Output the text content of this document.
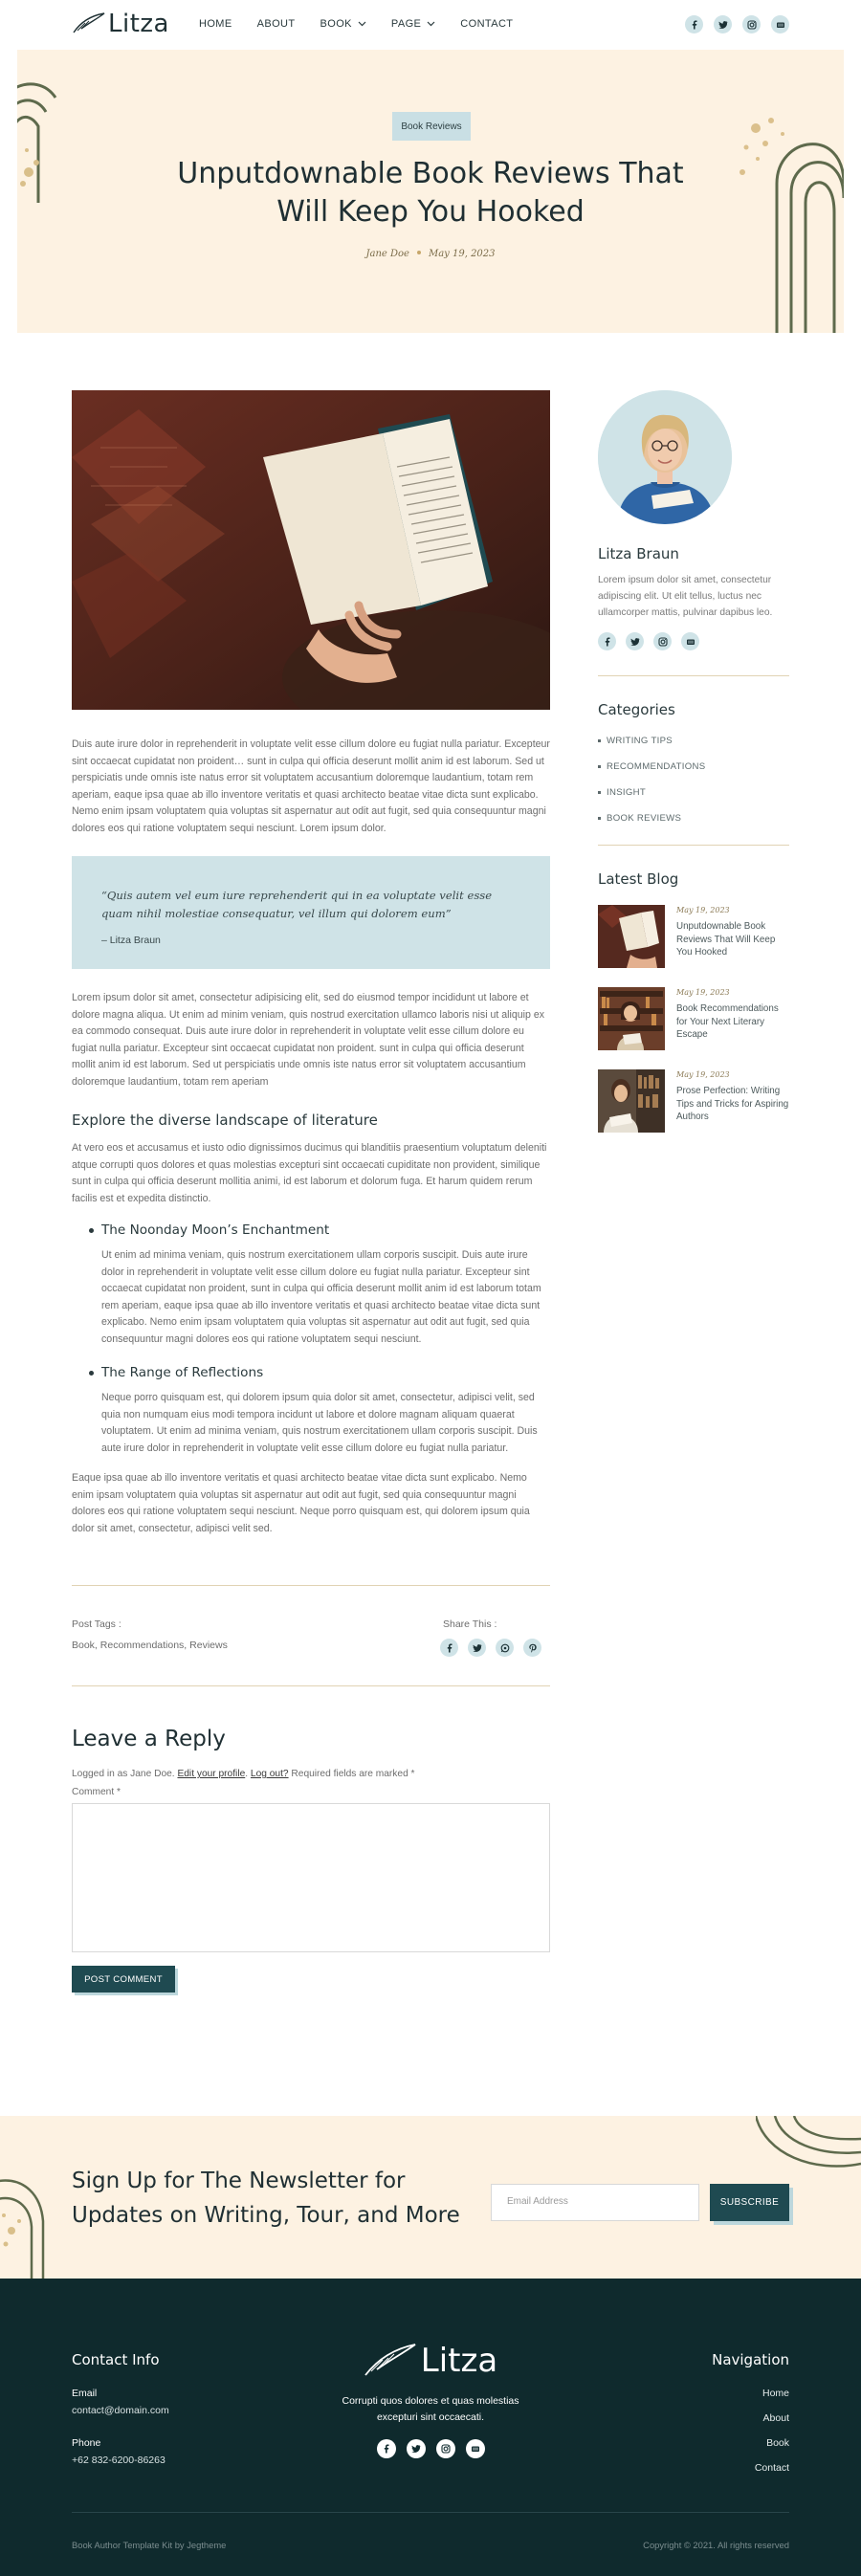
Litza	HOME ABOUT BOOK	PAGE	CONTACT
Book Reviews
Unputdownable Book Reviews That Will Keep You Hooked
Jane Doe May 19, 2023

Duis aute irure dolor in reprehenderit in voluptate velit esse cillum dolore eu fugiat nulla pariatur. Excepteur sint occaecat cupidatat non proident… sunt in culpa qui officia deserunt mollit anim id est laborum. Sed ut perspiciatis unde omnis iste natus error sit voluptatem accusantium doloremque laudantium, totam rem aperiam, eaque ipsa quae ab illo inventore veritatis et quasi architecto beatae vitae dicta sunt explicabo. Nemo enim ipsam voluptatem quia voluptas sit aspernatur aut odit aut fugit, sed quia consequuntur magni dolores eos qui ratione voluptatem sequi nesciunt. Lorem ipsum dolor.

“Quis autem vel eum iure reprehenderit qui in ea voluptate velit esse quam nihil molestiae consequatur, vel illum qui dolorem eum”
– Litza Braun

Lorem ipsum dolor sit amet, consectetur adipisicing elit, sed do eiusmod tempor incididunt ut labore et dolore magna aliqua. Ut enim ad minim veniam, quis nostrud exercitation ullamco laboris nisi ut aliquip ex ea commodo consequat. Duis aute irure dolor in reprehenderit in voluptate velit esse cillum dolore eu fugiat nulla pariatur. Excepteur sint occaecat cupidatat non proident. sunt in culpa qui officia deserunt mollit anim id est laborum. Sed ut perspiciatis unde omnis iste natus error sit voluptatem accusantium doloremque laudantium, totam rem aperiam

Explore the diverse landscape of literature

At vero eos et accusamus et iusto odio dignissimos ducimus qui blanditiis praesentium voluptatum deleniti atque corrupti quos dolores et quas molestias excepturi sint occaecati cupiditate non provident, similique sunt in culpa qui officia deserunt mollitia animi, id est laborum et dolorum fuga. Et harum quidem rerum facilis est et expedita distinctio.

The Noonday Moon’s Enchantment

Ut enim ad minima veniam, quis nostrum exercitationem ullam corporis suscipit. Duis aute irure dolor in reprehenderit in voluptate velit esse cillum dolore eu fugiat nulla pariatur. Excepteur sint occaecat cupidatat non proident, sunt in culpa qui officia deserunt mollit anim id est laborum totam rem aperiam, eaque ipsa quae ab illo inventore veritatis et quasi architecto beatae vitae dicta sunt explicabo. Nemo enim ipsam voluptatem quia voluptas sit aspernatur aut odit aut fugit, sed quia consequuntur magni dolores eos qui ratione voluptatem sequi nesciunt.

The Range of Reflections

Neque porro quisquam est, qui dolorem ipsum quia dolor sit amet, consectetur, adipisci velit, sed quia non numquam eius modi tempora incidunt ut labore et dolore magnam aliquam quaerat voluptatem. Ut enim ad minima veniam, quis nostrum exercitationem ullam corporis suscipit. Duis aute irure dolor in reprehenderit in voluptate velit esse cillum dolore eu fugiat nulla pariatur.

Eaque ipsa quae ab illo inventore veritatis et quasi architecto beatae vitae dicta sunt explicabo. Nemo enim ipsam voluptatem quia voluptas sit aspernatur aut odit aut fugit, sed quia consequuntur magni dolores eos qui ratione voluptatem sequi nesciunt. Neque porro quisquam est, qui dolorem ipsum quia dolor sit amet, consectetur, adipisci velit sed.

Post Tags :
Book, Recommendations, Reviews
Share This :
Leave a Reply
Logged in as Jane Doe. Edit your profile. Log out? Required fields are marked *
Comment *
POST COMMENT
Litza Braun

Lorem ipsum dolor sit amet, consectetur adipiscing elit. Ut elit tellus, luctus nec ullamcorper mattis, pulvinar dapibus leo.

Categories
WRITING TIPS
RECOMMENDATIONS
INSIGHT
BOOK REVIEWS
Latest Blog
May 19, 2023
Unputdownable Book Reviews That Will Keep You Hooked
May 19, 2023
Book Recommendations for Your Next Literary Escape
May 19, 2023
Prose Perfection: Writing Tips and Tricks for Aspiring Authors
Sign Up for The Newsletter for Updates on Writing, Tour, and More
Email Address	SUBSCRIBE
Contact Info
Email
contact@domain.com
Phone
+62 832-6200-86263
Litza
Corrupti quos dolores et quas molestias excepturi sint occaecati.
Navigation
Home
About
Book
Contact
Book Author Template Kit by Jegtheme	Copyright © 2021. All rights reserved
